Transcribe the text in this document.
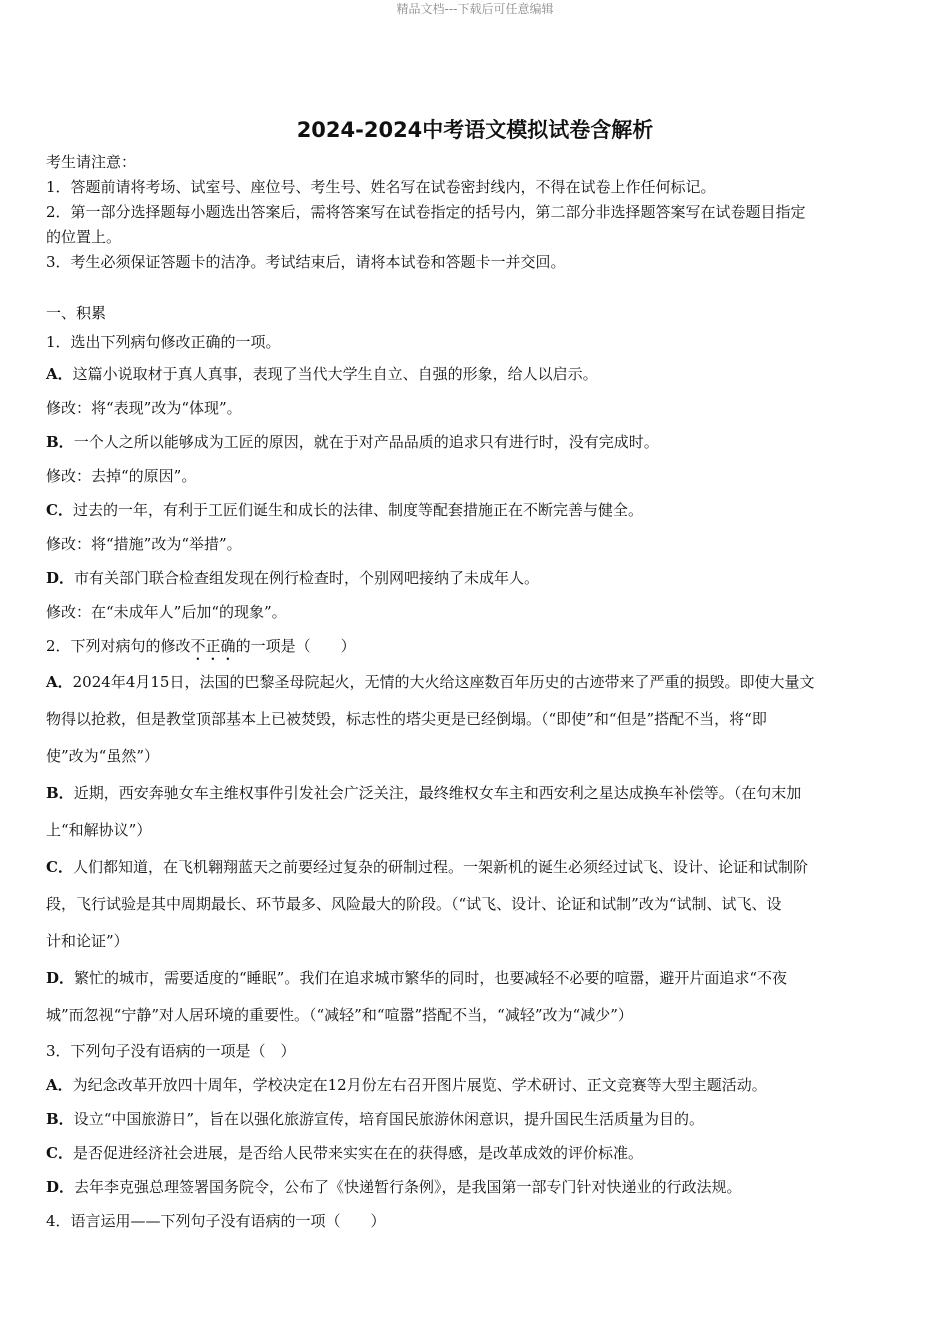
精品文档---下载后可任意编辑
2024-2024中考语文模拟试卷含解析
考生请注意：
1．答题前请将考场、试室号、座位号、考生号、姓名写在试卷密封线内，不得在试卷上作任何标记。
2．第一部分选择题每小题选出答案后，需将答案写在试卷指定的括号内，第二部分非选择题答案写在试卷题目指定
的位置上。
3．考生必须保证答题卡的洁净。考试结束后，请将本试卷和答题卡一并交回。
一、积累
1．选出下列病句修改正确的一项。
A．这篇小说取材于真人真事，表现了当代大学生自立、自强的形象，给人以启示。
修改：将“表现”改为“体现”。
B．一个人之所以能够成为工匠的原因，就在于对产品品质的追求只有进行时，没有完成时。
修改：去掉“的原因”。
C．过去的一年，有利于工匠们诞生和成长的法律、制度等配套措施正在不断完善与健全。
修改：将“措施”改为“举措”。
D．市有关部门联合检查组发现在例行检查时，个别网吧接纳了未成年人。
修改：在“未成年人”后加“的现象”。
2．下列对病句的修改不正确的一项是（　　）
A．2024年4月15日，法国的巴黎圣母院起火，无情的大火给这座数百年历史的古迹带来了严重的损毁。即使大量文
物得以抢救，但是教堂顶部基本上已被焚毁，标志性的塔尖更是已经倒塌。（“即使”和“但是”搭配不当，将“即
使”改为“虽然”）
B．近期，西安奔驰女车主维权事件引发社会广泛关注，最终维权女车主和西安利之星达成换车补偿等。（在句末加
上“和解协议”）
C．人们都知道，在飞机翱翔蓝天之前要经过复杂的研制过程。一架新机的诞生必须经过试飞、设计、论证和试制阶
段，飞行试验是其中周期最长、环节最多、风险最大的阶段。（“试飞、设计、论证和试制”改为“试制、试飞、设
计和论证”）
D．繁忙的城市，需要适度的“睡眠”。我们在追求城市繁华的同时，也要减轻不必要的喧嚣，避开片面追求“不夜
城”而忽视“宁静”对人居环境的重要性。（“减轻”和“喧嚣”搭配不当，“减轻”改为“减少”）
3．下列句子没有语病的一项是（　）
A．为纪念改革开放四十周年，学校决定在12月份左右召开图片展览、学术研讨、正文竞赛等大型主题活动。
B．设立“中国旅游日”，旨在以强化旅游宣传，培育国民旅游休闲意识，提升国民生活质量为目的。
C．是否促进经济社会进展，是否给人民带来实实在在的获得感，是改革成效的评价标准。
D．去年李克强总理签署国务院令，公布了《快递暂行条例》，是我国第一部专门针对快递业的行政法规。
4．语言运用——下列句子没有语病的一项（　　）
